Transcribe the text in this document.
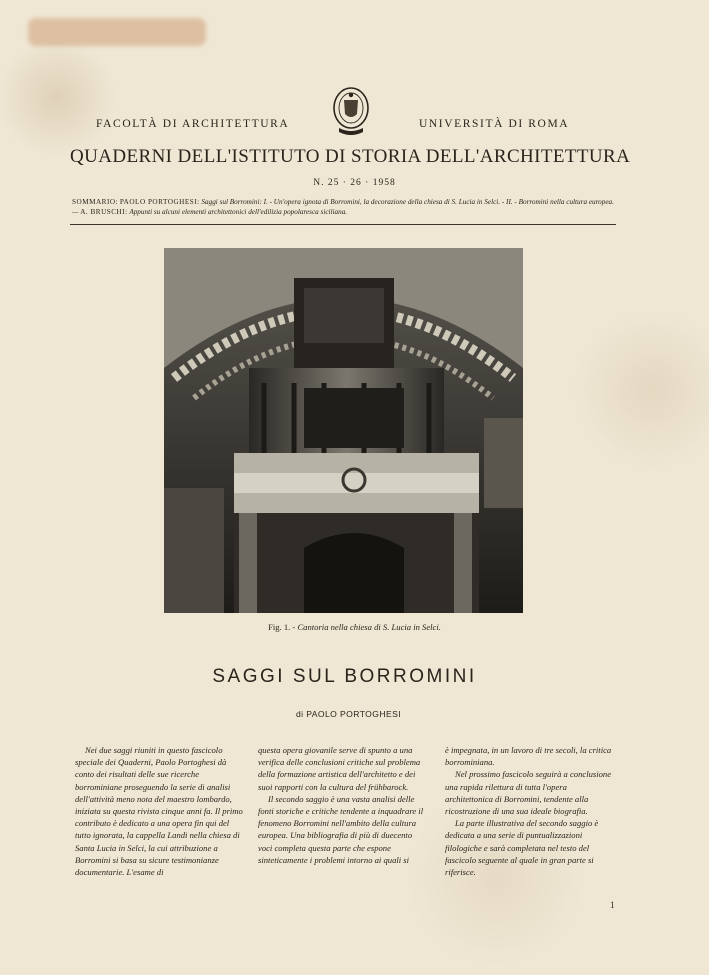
FACOLTÀ DI ARCHITETTURA	UNIVERSITÀ DI ROMA
QUADERNI DELL'ISTITUTO DI STORIA DELL'ARCHITETTURA
N. 25 · 26 · 1958
SOMMARIO: PAOLO PORTOGHESI: Saggi sul Borromini: I. - Un'opera ignota di Borromini, la decorazione della chiesa di S. Lucia in Selci. - II. - Borromini nella cultura europea. — A. BRUSCHI: Appunti su alcuni elementi architettonici dell'edilizia popolaresca siciliana.
Fig. 1. - Cantoria nella chiesa di S. Lucia in Selci.
SAGGI SUL BORROMINI
di PAOLO PORTOGHESI

Nei due saggi riuniti in questo fascicolo speciale dei Quaderni, Paolo Portoghesi dà conto dei risultati delle sue ricerche borrominiane proseguendo la serie di analisi dell'attività meno nota del maestro lombardo, iniziata su questa rivista cinque anni fa. Il primo contributo è dedicato a una opera fin qui del tutto ignorata, la cappella Landi nella chiesa di Santa Lucia in Selci, la cui attribuzione a Borromini si basa su sicure testimonianze documentarie. L'esame di

questa opera giovanile serve di spunto a una verifica delle conclusioni critiche sul problema della formazione artistica dell'architetto e dei suoi rapporti con la cultura del frühbarock.

Il secondo saggio è una vasta analisi delle fonti storiche e critiche tendente a inquadrare il fenomeno Borromini nell'ambito della cultura europea. Una bibliografia di più di duecento voci completa questa parte che espone sinteticamente i problemi intorno ai quali si

è impegnata, in un lavoro di tre secoli, la critica borrominiana.

Nel prossimo fascicolo seguirà a conclusione una rapida rilettura di tutta l'opera architettonica di Borromini, tendente alla ricostruzione di una sua ideale biografia.

La parte illustrativa del secondo saggio è dedicata a una serie di puntualizzazioni filologiche e sarà completata nel testo del fascicolo seguente al quale in gran parte si riferisce.

1
